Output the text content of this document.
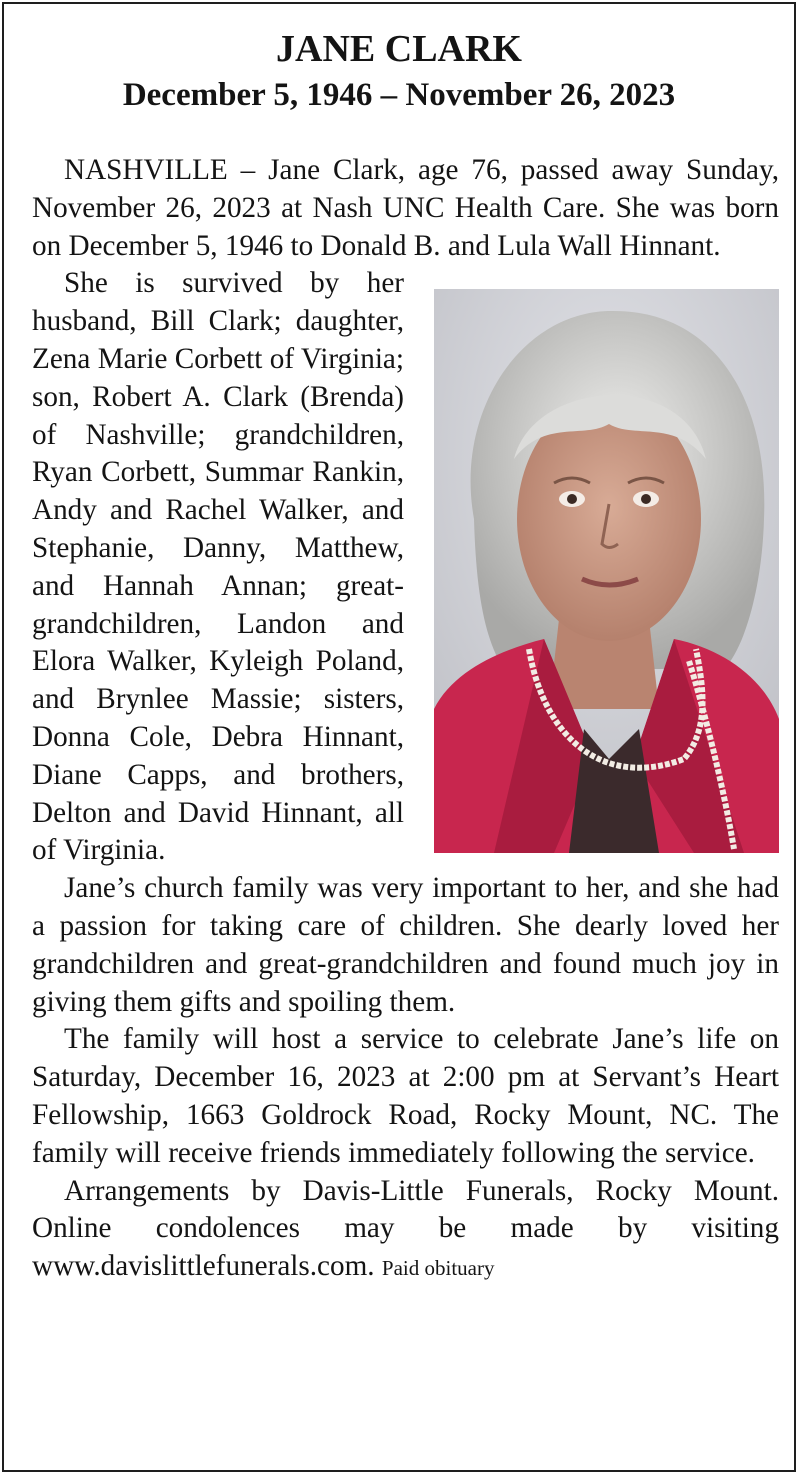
JANE CLARK
December 5, 1946 – November 26, 2023

NASHVILLE – Jane Clark, age 76, passed away Sunday, November 26, 2023 at Nash UNC Health Care. She was born on December 5, 1946 to Donald B. and Lula Wall Hinnant.

She is survived by her husband, Bill Clark; daughter, Zena Marie Corbett of Virginia; son, Robert A. Clark (Brenda) of Nashville; grandchildren, Ryan Corbett, Summar Rankin, Andy and Rachel Walker, and Stephanie, Danny, Matthew, and Hannah Annan; great-grandchildren, Landon and Elora Walker, Kyleigh Poland, and Brynlee Massie; sisters, Donna Cole, Debra Hinnant, Diane Capps, and brothers, Delton and David Hinnant, all of Virginia.

Jane’s church family was very important to her, and she had a passion for taking care of children. She dearly loved her grandchildren and great-grandchildren and found much joy in giving them gifts and spoiling them.

The family will host a service to celebrate Jane’s life on Saturday, December 16, 2023 at 2:00 pm at Servant’s Heart Fellowship, 1663 Goldrock Road, Rocky Mount, NC. The family will receive friends immediately following the service.

Arrangements by Davis-Little Funerals, Rocky Mount. Online condolences may be made by visiting www.davislittlefunerals.com. Paid obituary
